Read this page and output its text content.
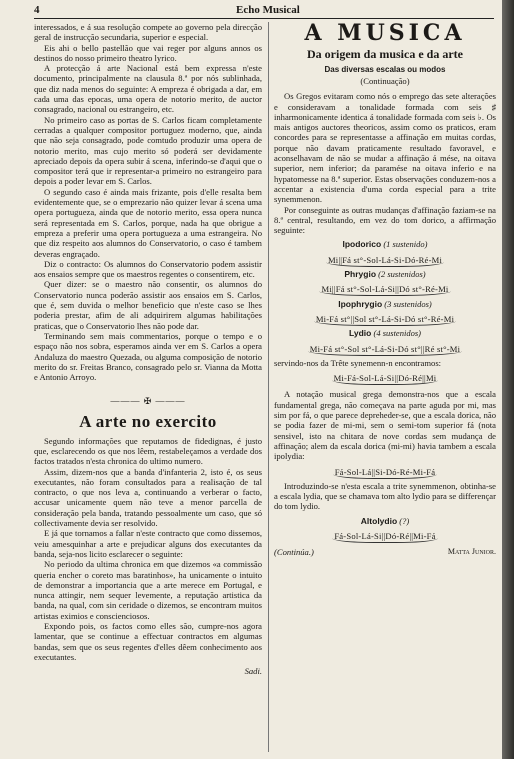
4	Echo Musical

interessados, e á sua resolução compete ao governo pela direcção geral de instrucção secundaria, superior e especial.

Eis ahi o bello pastellão que vai reger por alguns annos os destinos do nosso primeiro theatro lyrico.

A protecção á arte Nacional está bem expressa n'este documento, principalmente na clausula 8.ª por nós sublinhada, que diz nada menos do seguinte: A empreza é obrigada a dar, em cada uma das epocas, uma opera de notorio merito, de auctor consagrado, nacional ou estrangeiro, etc.

No primeiro caso as portas de S. Carlos ficam completamente cerradas a qualquer compositor portuguez moderno, que, ainda que não seja consagrado, pode comtudo produzir uma opera de notorio merito, mas cujo merito só poderá ser devidamente apreciado depois da opera subir á scena, inferindo-se d'aqui que o compositor terá que ir representar-a primeiro no estrangeiro para depois a poder levar em S. Carlos.

O segundo caso é ainda mais frizante, pois d'elle resalta bem evidentemente que, se o emprezario não quizer levar á scena uma opera portugueza, ainda que de notorio merito, essa opera nunca será representada em S. Carlos, porque, nada ha que obrigue a empreza a preferir uma opera portugueza a uma estrangeira. No que diz respeito aos alumnos do Conservatorio, o caso é tambem deveras engraçado.

Diz o contracto: Os alumnos do Conservatorio podem assistir aos ensaios sempre que os maestros regentes o consentirem, etc.

Quer dizer: se o maestro não consentir, os alumnos do Conservatorio nunca poderão assistir aos ensaios em S. Carlos, que é, sem duvida o melhor beneficio que n'este caso se lhes poderia prestar, afim de ali adquirirem algumas habilitações praticas, que o Conservatorio lhes não pode dar.

Terminando sem mais commentarios, porque o tempo e o espaço não nos sobra, esperamos ainda ver em S. Carlos a opera Andaluza do maestro Quezada, ou alguma composição de notorio merito do sr. Freitas Branco, consagrado pelo sr. Vianna da Motta e Antonio Arroyo.

——— ✠ ———
A arte no exercito

Segundo informações que reputamos de fidedignas, é justo que, esclarecendo os que nos lêem, restabeleçamos a verdade dos factos tratados n'esta chronica do ultimo numero.

Assim, dizem-nos que a banda d'infanteria 2, isto é, os seus executantes, não foram consultados para a realisação de tal contracto, o que nos leva a, continuando a verberar o facto, accusar unicamente quem não teve a menor parcella de consideração pela banda, tratando pessoalmente um caso, que só collectivamente devia ser resolvido.

E já que tornamos a fallar n'este contracto que como dissemos, veiu amesquinhar a arte e prejudicar alguns dos executantes da banda, seja-nos licito esclarecer o seguinte:

No periodo da ultima chronica em que dizemos «a commissão queria encher o coreto mas baratinhos», ha unicamente o intuito de demonstrar a importancia que a arte merece em Portugal, e nunca attingir, nem sequer levemente, a reputação artistica da banda, na qual, com sin ceridade o dizemos, se encontram muitos artistas eximios e conscienciosos.

Expondo pois, os factos como elles são, cumpre-nos agora lamentar, que se continue a effectuar contractos em algumas bandas, sem que os seus regentes d'elles dêem conhecimento aos executantes.

Sadi.
A MUSICA
Da origem da musica e da arte
Das diversas escalas ou modos
(Continuação)

Os Gregos evitaram como nós o emprego das sete alterações e consideravam a tonalidade formada com seis ♯ inharmonicamente identica á tonalidade formada com seis ♭. Os mais antigos auctores theoricos, assim como os praticos, eram concordes para se representasse a affinação em muitas cordas, porque não davam praticamente resultado favoravel, e aconselhavam de não se mudar a affinação á mése, na oitava superior, nem inferior; da paramése na oitava inferio e na hypatomesse na 8.ª superior. Estas observações conduzem-nos a accentar a existencia d'uma corda especial para a trite synemmenon.

Por conseguinte as outras mudanças d'affinação faziam-se na 8.ª central, resultando, em vez do tom dorico, a affirmação seguinte:

Ipodorico (1 sustenido)
Mi||Fá st°-Sol-Lá-Si-Dó-Ré-Mi
Phrygio (2 sustenidos)
Mi||Fá st°-Sol-Lá-Si||Dó st°-Ré-Mi
Ipophrygio (3 sustenidos)
Mi-Fá st°||Sol st°-Lá-Si-Dó st°-Ré-Mi
Lydio (4 sustenidos)
Mi-Fá st°-Sol st°-Lá-Si-Dó st°||Ré st°-Mi

servindo-nos da Trête synemenn-n encontramos:

Mi-Fá-Sol-Lá-Si||Dó-Ré||Mi

A notação musical grega demonstra-nos que a escala fundamental grega, não começava na parte aguda por mi, mas sim por fá, o que parece depreheder-se, que a escala dorica, não se podia fazer de mi-mi, sem o semi-tom superior fá (nota sensivel, isto na chitara de nove cordas sem mudança de affinação; alem da escala dorica (mi-mi) havia tambem a escala ipolydia:

Fá-Sol-Lá||Si-Dó-Ré-Mi-Fá

Introduzindo-se n'esta escala a trite synemmenon, obtinha-se a escala lydia, que se chamava tom alto lydio para se differençar do tom lydio.

Altolydio (?)
Fá-Sol-Lá-Si||Dó-Ré||Mi-Fá
(Continúa.)	Matta Junior.
